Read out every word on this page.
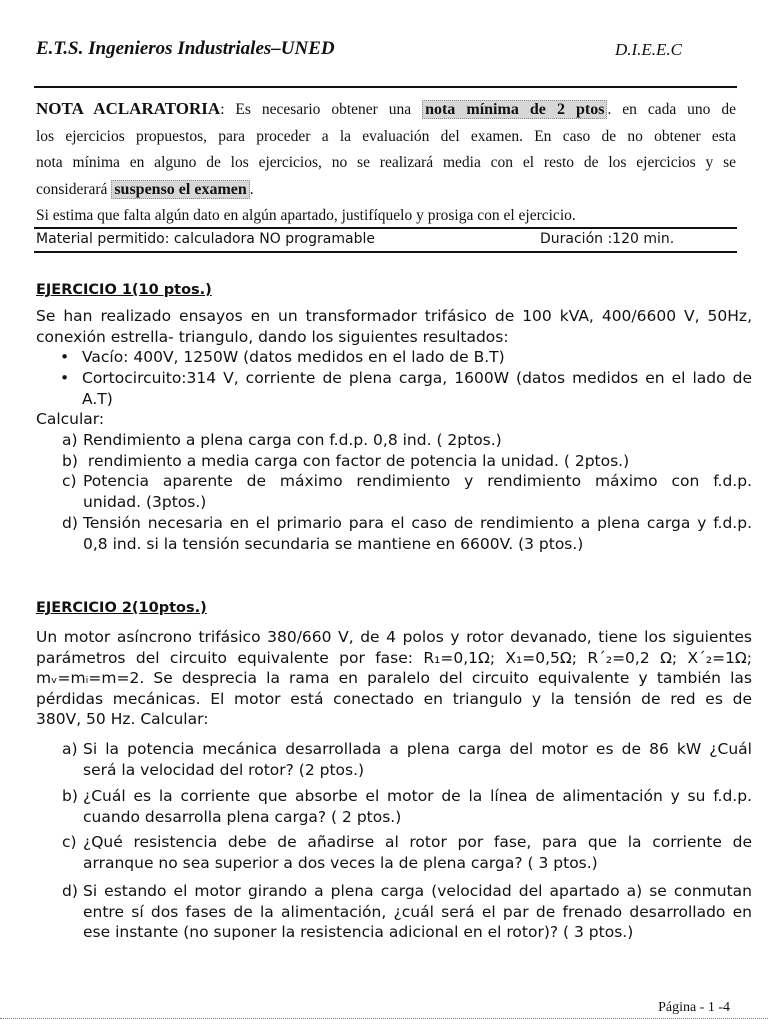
E.T.S. Ingenieros Industriales–UNED	D.I.E.E.C
NOTA ACLARATORIA: Es necesario obtener una nota mínima de 2 ptos . en cada uno de
los ejercicios propuestos, para proceder a la evaluación del examen. En caso de no obtener esta
nota mínima en alguno de los ejercicios, no se realizará media con el resto de los ejercicios y se
considerará suspenso el examen .
Si estima que falta algún dato en algún apartado, justifíquelo y prosiga con el ejercicio.
Material permitido: calculadora NO programable	Duración :120 min.
EJERCICIO 1(10 ptos.)
Se han realizado ensayos en un transformador trifásico de 100 kVA, 400/6600 V, 50Hz,
conexión estrella- triangulo, dando los siguientes resultados:
• Vacío: 400V, 1250W (datos medidos en el lado de B.T)
• Cortocircuito:314 V, corriente de plena carga, 1600W (datos medidos en el lado de
A.T)
Calcular:
a) Rendimiento a plena carga con f.d.p. 0,8 ind. ( 2ptos.)
b) rendimiento a media carga con factor de potencia la unidad. ( 2ptos.)
c) Potencia aparente de máximo rendimiento y rendimiento máximo con f.d.p.
unidad. (3ptos.)
d) Tensión necesaria en el primario para el caso de rendimiento a plena carga y f.d.p.
0,8 ind. si la tensión secundaria se mantiene en 6600V. (3 ptos.)
EJERCICIO 2(10ptos.)
Un motor asíncrono trifásico 380/660 V, de 4 polos y rotor devanado, tiene los siguientes
parámetros del circuito equivalente por fase: R₁=0,1Ω; X₁=0,5Ω; R´₂=0,2 Ω; X´₂=1Ω;
mᵥ=mᵢ=m=2. Se desprecia la rama en paralelo del circuito equivalente y también las
pérdidas mecánicas. El motor está conectado en triangulo y la tensión de red es de
380V, 50 Hz. Calcular:
a) Si la potencia mecánica desarrollada a plena carga del motor es de 86 kW ¿Cuál
será la velocidad del rotor? (2 ptos.)
b) ¿Cuál es la corriente que absorbe el motor de la línea de alimentación y su f.d.p.
cuando desarrolla plena carga? ( 2 ptos.)
c) ¿Qué resistencia debe de añadirse al rotor por fase, para que la corriente de
arranque no sea superior a dos veces la de plena carga? ( 3 ptos.)
d) Si estando el motor girando a plena carga (velocidad del apartado a) se conmutan
entre sí dos fases de la alimentación, ¿cuál será el par de frenado desarrollado en
ese instante (no suponer la resistencia adicional en el rotor)? ( 3 ptos.)
Página - 1 -4
